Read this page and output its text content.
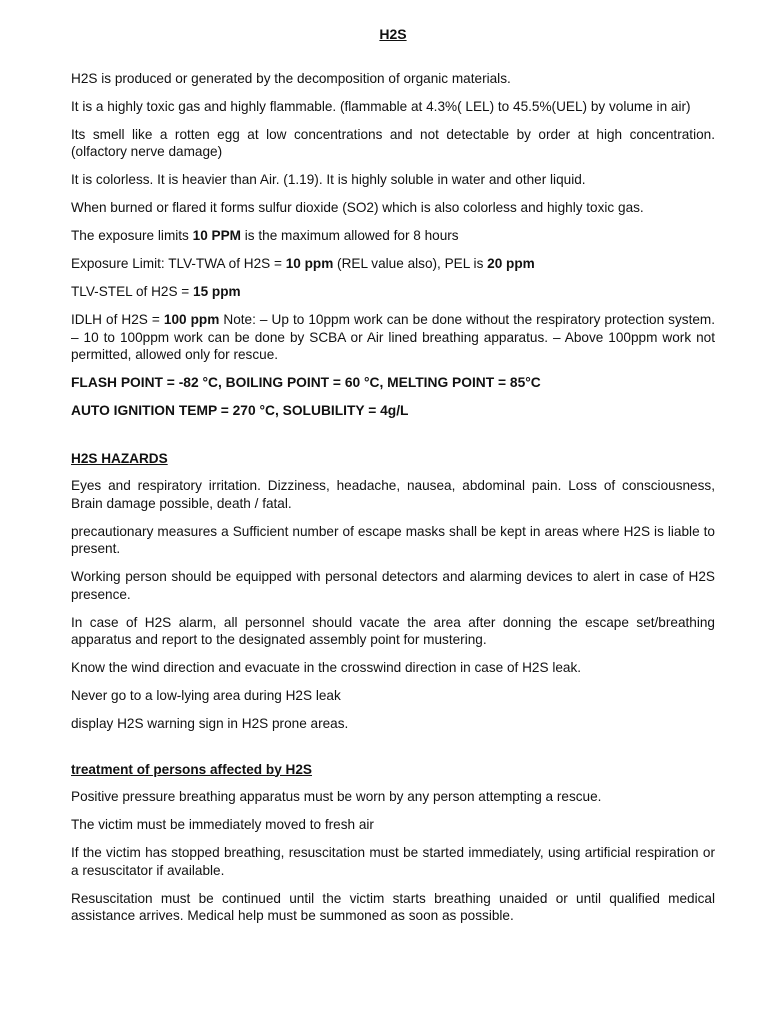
H2S

H2S is produced or generated by the decomposition of organic materials.

It is a highly toxic gas and highly flammable. (flammable at 4.3%( LEL) to 45.5%(UEL) by volume in air)

Its smell like a rotten egg at low concentrations and not detectable by order at high concentration. (olfactory nerve damage)

It is colorless. It is heavier than Air. (1.19). It is highly soluble in water and other liquid.

When burned or flared it forms sulfur dioxide (SO2) which is also colorless and highly toxic gas.

The exposure limits 10 PPM is the maximum allowed for 8 hours

Exposure Limit: TLV-TWA of H2S = 10 ppm (REL value also), PEL is 20 ppm

TLV-STEL of H2S = 15 ppm

IDLH of H2S = 100 ppm Note: – Up to 10ppm work can be done without the respiratory protection system. – 10 to 100ppm work can be done by SCBA or Air lined breathing apparatus. – Above 100ppm work not permitted, allowed only for rescue.

FLASH POINT = -82 °C, BOILING POINT = 60 °C, MELTING POINT = 85°C
AUTO IGNITION TEMP = 270 °C, SOLUBILITY = 4g/L
H2S HAZARDS

Eyes and respiratory irritation. Dizziness, headache, nausea, abdominal pain. Loss of consciousness, Brain damage possible, death / fatal.

precautionary measures a Sufficient number of escape masks shall be kept in areas where H2S is liable to present.

Working person should be equipped with personal detectors and alarming devices to alert in case of H2S presence.

In case of H2S alarm, all personnel should vacate the area after donning the escape set/breathing apparatus and report to the designated assembly point for mustering.

Know the wind direction and evacuate in the crosswind direction in case of H2S leak.

Never go to a low-lying area during H2S leak

display H2S warning sign in H2S prone areas.

treatment of persons affected by H2S

Positive pressure breathing apparatus must be worn by any person attempting a rescue.

The victim must be immediately moved to fresh air

If the victim has stopped breathing, resuscitation must be started immediately, using artificial respiration or a resuscitator if available.

Resuscitation must be continued until the victim starts breathing unaided or until qualified medical assistance arrives. Medical help must be summoned as soon as possible.
